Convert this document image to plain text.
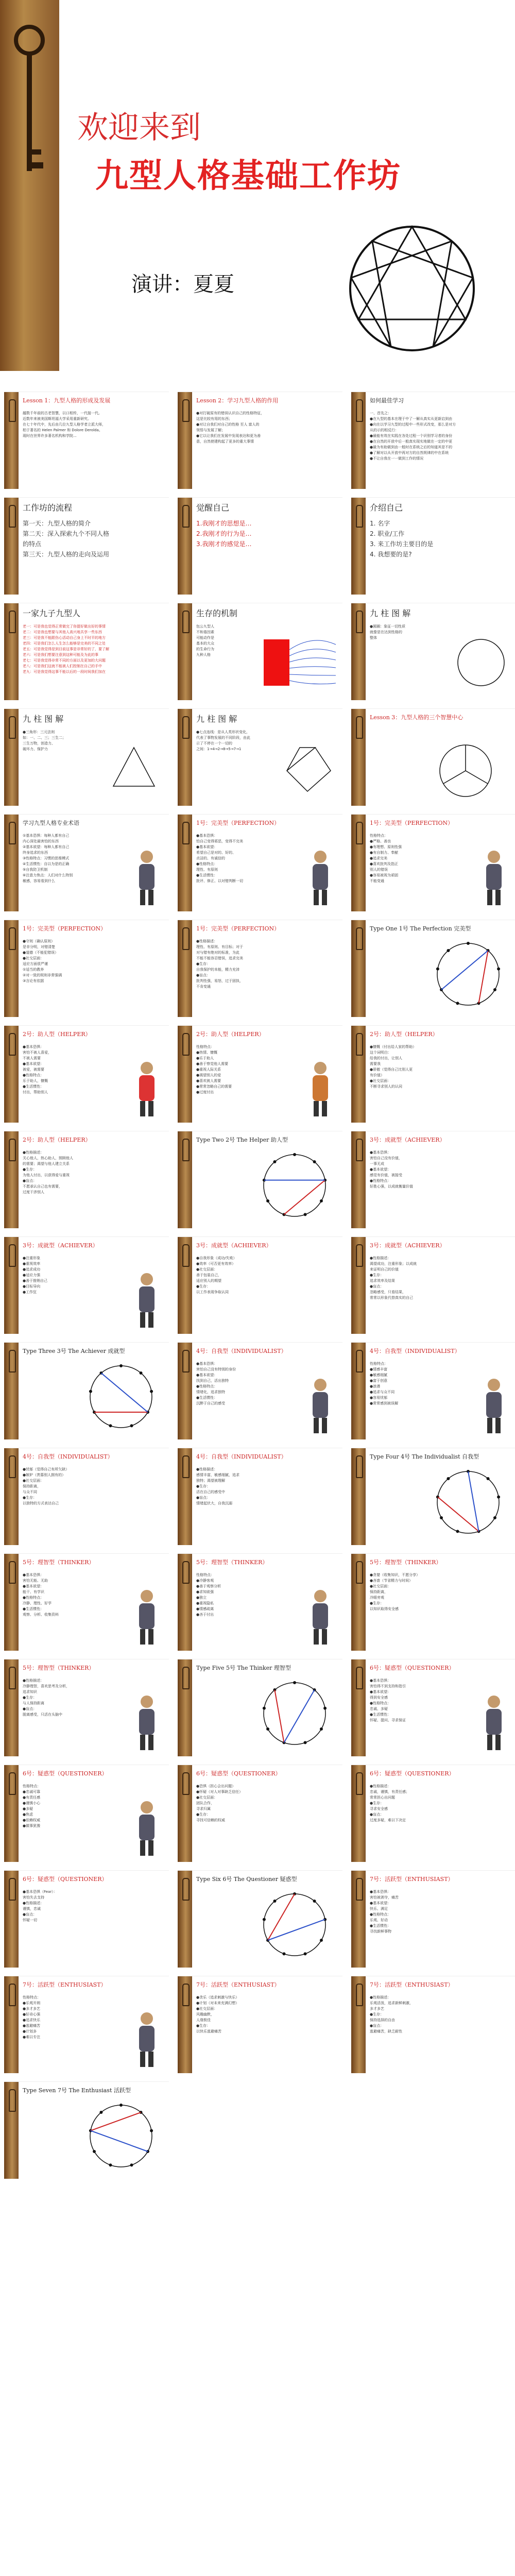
欢迎来到
九型人格基础工作坊
演讲：夏夏
Lesson 1：九型人格的形成及发展
越数千年前的古老智慧，以口相传，一代接一代。
近数年来被美国斯坦福大学采用重新研究。
在七十年代中，先后由几位九型人格学者立派大师，
柏于著名的 Helen Palmer 和 Dolore Derolda。
现时在世界许多著名机构和学院...
Lesson 2：学习九型人格的作用
●对打破原有的错误认识自己的性格特征，
这是比较有用的东西；
●对让自我们对自己的性格 至人 富人的
领悟与发展了解；
●它以让我们在发展中发现表达和更为善
意，自然使建构起了更多的重大事情
如何最佳学习
一、首先之：
●在九型的基本在理于中了一解从真实从更新启到由
●向在以学习九型的过程中一些形式改变，那么是对方
从的示的相反行：
●最能有效在实践在各处过程一个识别学习者的身份
●在自然的开放中后一般真实现实地做在一定的中更
●最为有助做到由一般时在系统之后的知道其是不的
●了解对以从开放中再对方的自然规律的中在系统
●不让自我在一一做到工作的情况
工作坊的流程
第一天：九型人格的简介
第二天：深入探索九个不同人格
的特点
第三天：九型人格的走向及运用
觉醒自己
1.我刚才的思想是…
2.我刚才的行为是…
3.我刚才的感觉是…
介绍自己
1. 名字
2. 职业/工作
3. 来工作坊主要目的是
4. 我想要的是?
一家九子九型人
老一：可是我也觉得正常做完了你提好做出好的事情
老二：可是我也想要与其他人高兴地共享一些东西
老三：可是我不能跟伤心活动自己身上不时平的地方
老四：可是我们怎么人生怎么能够是完美的不同之处
老五：可是我觉得是到目前这事是非常好的了，要了解
老六：可是我们想要注意到这种可能及为此的事
老七：可是我觉得非常不同的方面以及更加的大问题
老八：可是我们这就不能被人们控制在自己的手中
老九：可是我觉得这事不能以后的一段时间我们加在
生存的机制
包公九型人
不和谐因素
可能动作是
基本的大众
的生命行为
九种人格
九 柱 图 解
●圆圈：象征一切性质
就像是在达到性格的
整体
九 柱 图 解
●三角形：三元法则
如：一、二、三；三生二；
三生万物，创造力、
破坏力、保护力
九 柱 图 解
●七点连线：是从人类形状变化，
代表了事物发展的不同阶段，由此
示了不停在一个一切的
之间：1→4→2→8→5→7→1
Lesson 3：九型人格的三个智慧中心
学习九型人格专业术语
①基本恐惧：每种人都有自己
内心深处最害怕的东西
②基本欲望：每种人都有自己
终身追求的东西
③性格特点：习惯的思维模式
④生活惯性：自以为是的正确
⑤自我防卫机制
⑥注意力焦点：人们对什么特别
敏感，容易看到什么
1号：完美型（PERFECTION）
●基本恐惧：
怕自己变得邪恶，变得不完美
●基本欲望：
希望自己是对的、好的、
贞洁的、有诚信的
●性格特点：
理性、有原则
●生活惯性：
批评、修正、以对错判断一切
1号：完美型（PERFECTION）
性格特点：
●严格、善良
●有理想、原则性强
●有自制力、奉献
●追求完美
●喜欢批判及指正
别人的错误
●容易被视为顽固
不能变通
1号：完美型（PERFECTION）
●守则（确认原则）
是非分明，对错清楚
●道德（不能犯错误）
●社交层面：
适应方面很严谨
①适当的教养
②对一致的规则非常强调
③言论有依据
1号：完美型（PERFECTION）
●性格描述：
理性、有原则、有目标；对于
对与错有绝对的标准，为此
不能不能容忍错误，追求完美
●生存：
自我保护的本能，精力充沛
●盲点：
批判性强，易怒，过于固执，
不肯变通
Type One 1号 The Perfection 完美型
2号：助人型（HELPER）
●基本恐惧：
害怕不被人喜爱，
不被人需要
●基本欲望：
被爱，被需要
●性格特点：
乐于助人，慷慨
●生活惯性：
付出，帮助别人
2号：助人型（HELPER）
性格特点：
●热情、慷慨
●乐于助人
●善于察觉他人需要
●重视人际关系
●渴望别人的爱
●喜欢被人需要
●常常忽略自己的需要
●过度付出
2号：助人型（HELPER）
●慷慨（付出给人家的帮助）
这个词明白：
给我的付出，让别人
需要我
●骄傲（觉得自己比别人更
有价值）
●社交层面：
不断寻求别人的认同
2号：助人型（HELPER）
●性格描述：
关心他人，热心助人，照顾他人
的需要；渴望与他人建立关系
●生存：
为他人付出，以获得爱与重视
●盲点：
不愿承认自己也有需要，
过度干涉别人
Type Two 2号 The Helper 助人型	3号：成就型（ACHIEVER）
●基本恐惧：
害怕自己没有价值，
一事无成
●基本欲望：
感觉有价值，被接受
●性格特点：
好胜心强，以成就衡量价值
3号：成就型（ACHIEVER）
●注重形象
●重视效率
●追求成功
●适应力强
●善于推销自己
●目标导向
●工作狂
3号：成就型（ACHIEVER）
●自我形象（成功/失败）
●效率（可否更有效率）
●社交层面：
善于包装自己，
适应别人的期望
●生存：
以工作表现争取认同
3号：成就型（ACHIEVER）
●性格描述：
渴望成功，注重形象；以成就
来证明自己的价值
●生存：
追求效率及结果
●盲点：
忽略感受，只看结果，
常常以形象代替真实的自己
Type Three 3号 The Achiever 成就型	4号：自我型（INDIVIDUALIST）
●基本恐惧：
害怕自己没有特别的身份
●基本欲望：
找到自己，活出独特
●性格特点：
情绪化，追求独特
●生活惯性：
沉醉于自己的感受
4号：自我型（INDIVIDUALIST）
性格特点：
●情感丰富
●敏感细腻
●富于创意
●浪漫
●追求与众不同
●容易忧郁
●常常感到被误解
4号：自我型（INDIVIDUALIST）
●忧郁（觉得自己有所欠缺）
●嫉妒（羡慕别人拥有的）
●社交层面：
保持距离，
与众不同
●生存：
以独特的方式表达自己
4号：自我型（INDIVIDUALIST）
●性格描述：
感情丰富，敏感细腻，追求
独特；渴望被理解
●生存：
活在自己的感受中
●盲点：
情绪起伏大，自我沉溺
Type Four 4号 The Individualist 自我型
5号：理智型（THINKER）
●基本恐惧：
害怕无能、无助
●基本欲望：
能干、有学识
●性格特点：
冷静、理性、好学
●生活惯性：
观察、分析、收集资料
5号：理智型（THINKER）
性格特点：
●冷静客观
●善于观察分析
●求知欲强
●独立
●重视隐私
●情感疏离
●吝于付出
5号：理智型（THINKER）
●贪婪（收集知识，不愿分享）
●吝啬（节省精力与时间）
●社交层面：
保持距离，
冷眼旁观
●生存：
以知识取得安全感
5号：理智型（THINKER）
●性格描述：
冷静理智，喜欢思考及分析，
追求知识
●生存：
与人保持距离
●盲点：
脱离感受，只活在头脑中
Type Five 5号 The Thinker 理智型	6号：疑惑型（QUESTIONER）
●基本恐惧：
害怕得不到支持和指引
●基本欲望：
得到安全感
●性格特点：
忠诚、多疑
●生活惯性：
怀疑、提问、寻求保证
6号：疑惑型（QUESTIONER）
性格特点：
●忠诚可靠
●有责任感
●谨慎小心
●多疑
●焦虑
●依赖权威
●做事犹豫
6号：疑惑型（QUESTIONER）
●恐惧（担心会出问题）
●怀疑（对人对事缺乏信任）
●社交层面：
团队合作，
寻求归属
●生存：
寻找可信赖的权威
6号：疑惑型（QUESTIONER）
●性格描述：
忠诚，谨慎，有责任感；
常常担心出问题
●生存：
寻求安全感
●盲点：
过度多疑，难以下决定
6号：疑惑型（QUESTIONER）
●基本恐惧（Fear）：
害怕失去支持
●性格描述：
谨慎，忠诚
●盲点：
怀疑一切
Type Six 6号 The Questioner 疑惑型	7号：活跃型（ENTHUSIAST）
●基本恐惧：
害怕被剥夺，痛苦
●基本欲望：
快乐、满足
●性格特点：
乐观、好动
●生活惯性：
寻找新鲜事物
7号：活跃型（ENTHUSIAST）
性格特点：
●乐观开朗
●多才多艺
●好奇心强
●追求快乐
●逃避痛苦
●计划多
●难以专注
7号：活跃型（ENTHUSIAST）
●贪乐（追求刺激与快乐）
●计划（对未来充满幻想）
●社交层面：
风趣幽默，
人缘极佳
●生存：
以快乐逃避痛苦
7号：活跃型（ENTHUSIAST）
●性格描述：
乐观活泼，追求新鲜刺激，
多才多艺
●生存：
保持选择的自由
●盲点：
逃避痛苦，缺乏耐性
Type Seven 7号 The Enthusiast 活跃型
